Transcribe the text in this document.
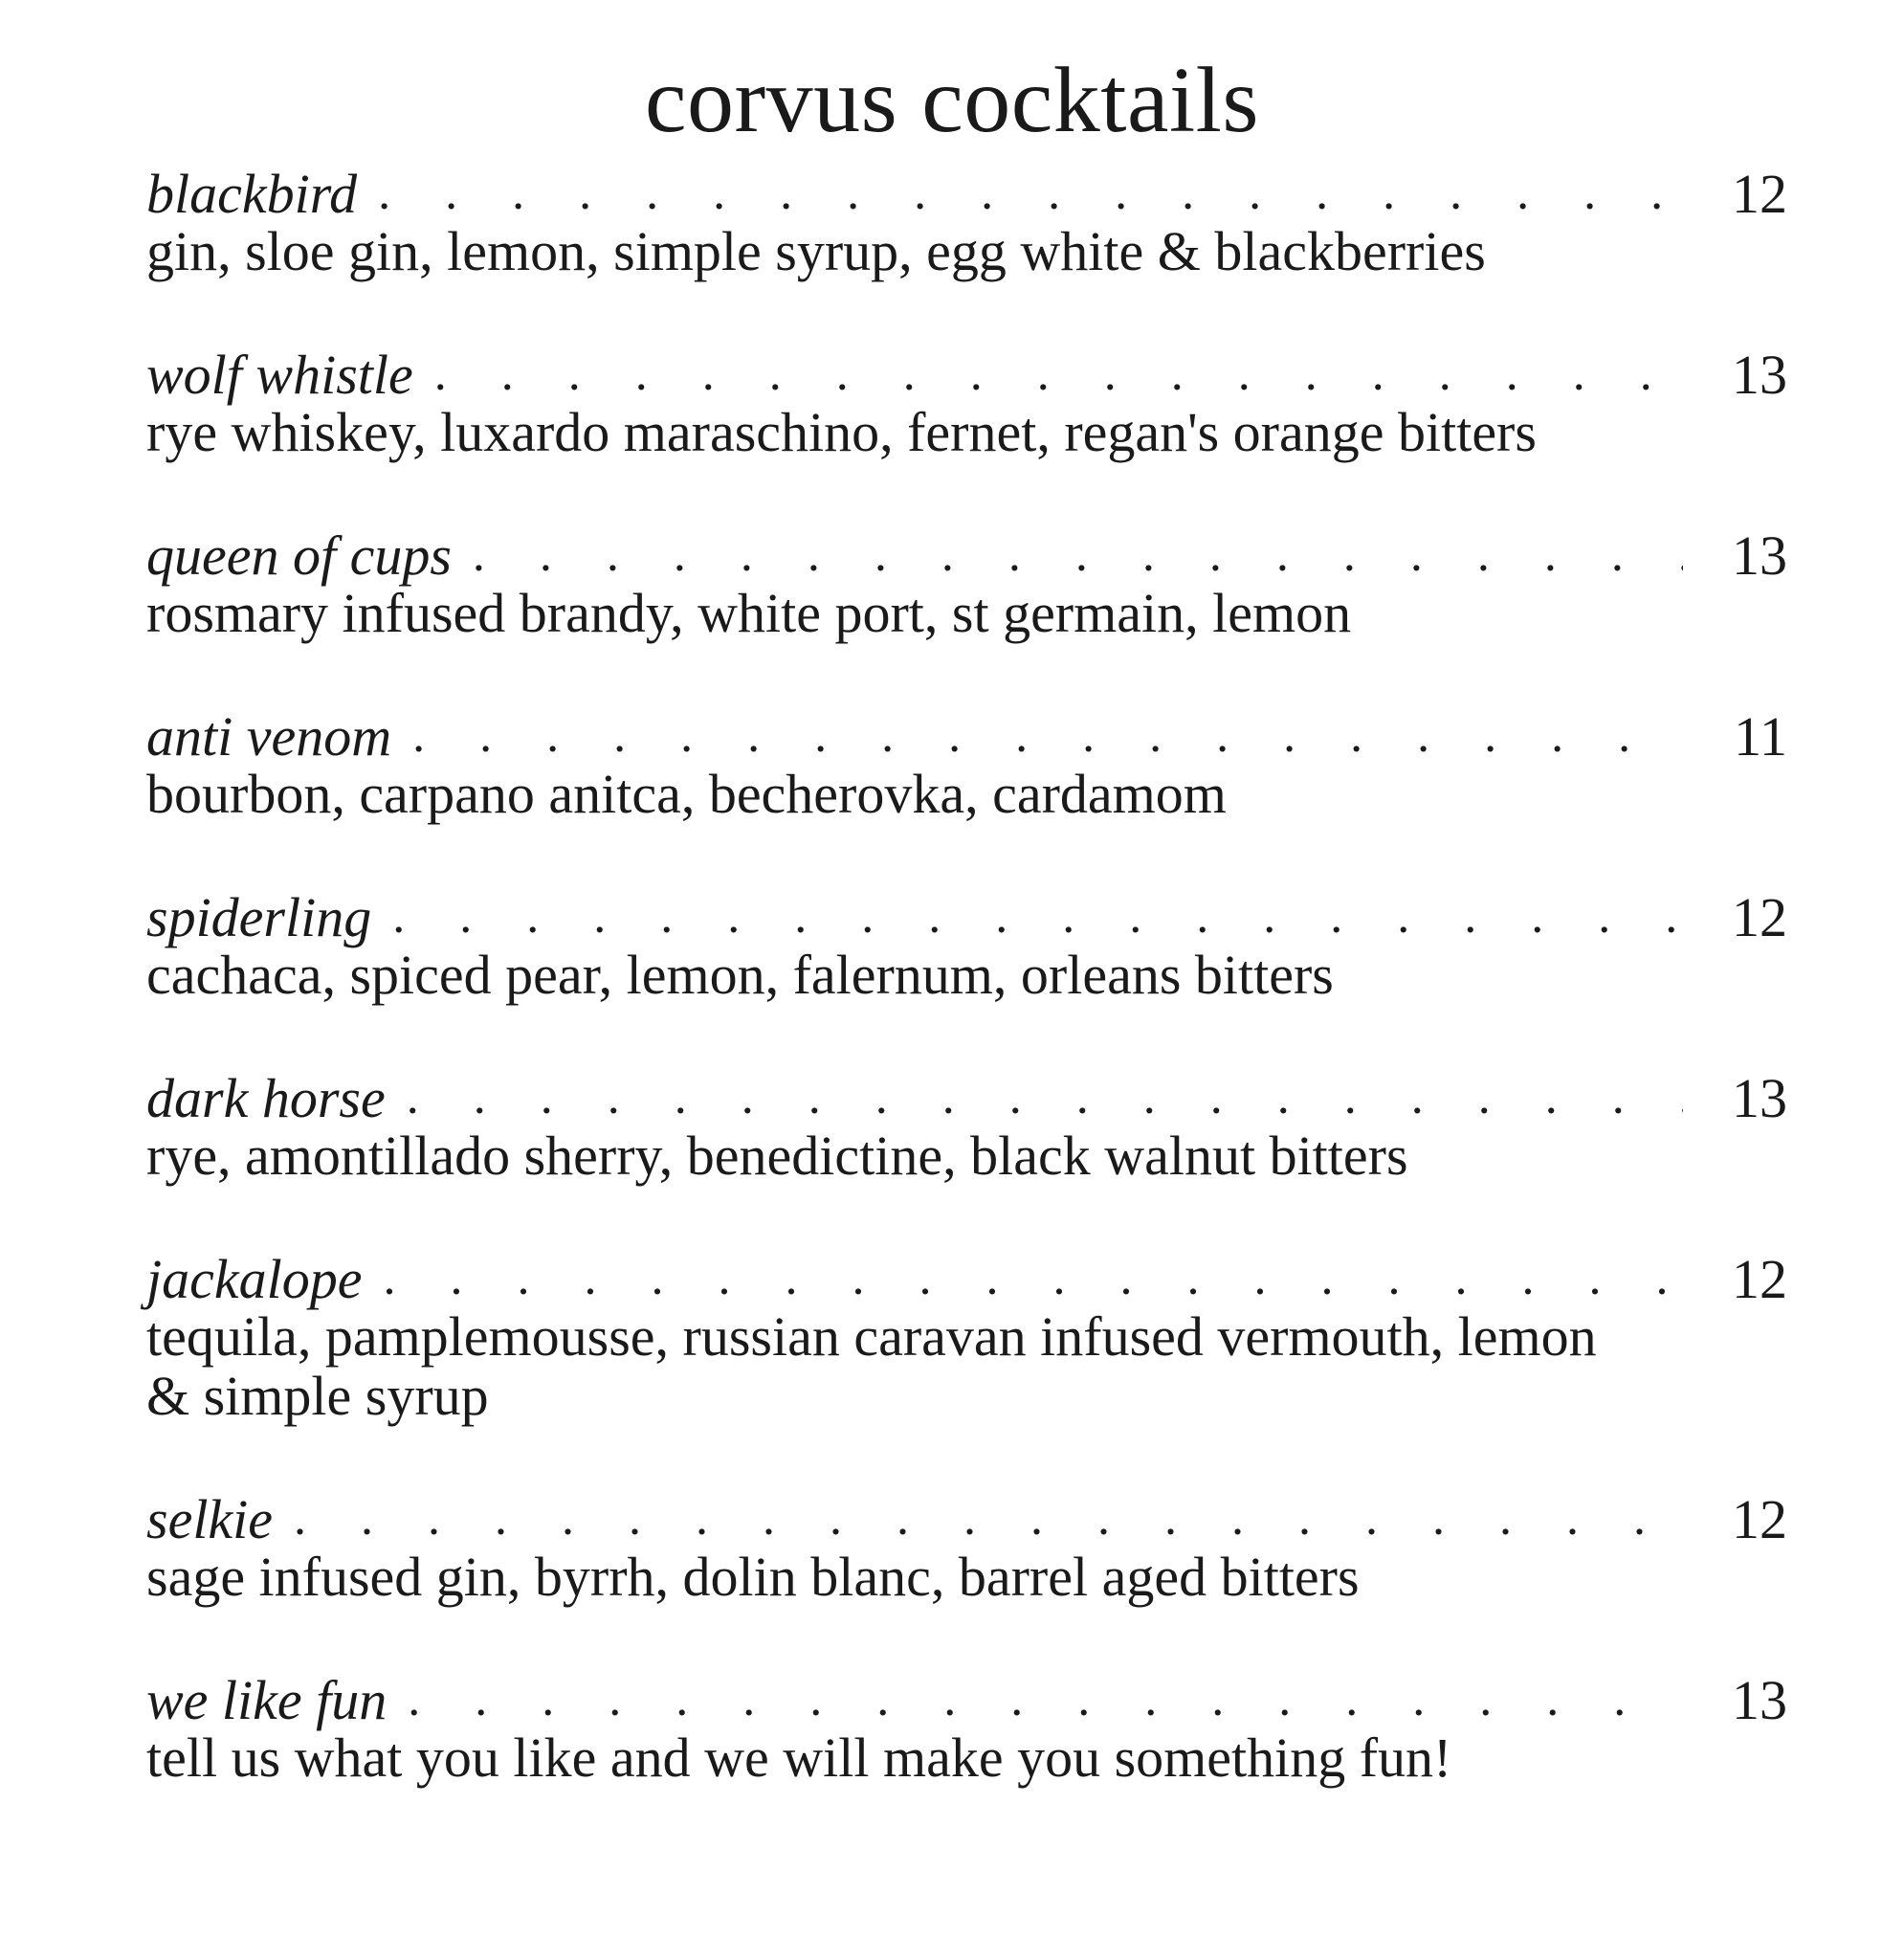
corvus cocktails
blackbird . . .	12
gin, sloe gin, lemon, simple syrup, egg white & blackberries
wolf whistle . . .	13
rye whiskey, luxardo maraschino, fernet, regan's orange bitters
queen of cups . . .	13
rosmary infused brandy, white port, st germain, lemon
anti venom . . .	11
bourbon, carpano anitca, becherovka, cardamom
spiderling . . .	12
cachaca, spiced pear, lemon, falernum, orleans bitters
dark horse . . .	13
rye, amontillado sherry, benedictine, black walnut bitters
jackalope . . .	12
tequila, pamplemousse, russian caravan infused vermouth, lemon & simple syrup
selkie . . .	12
sage infused gin, byrrh, dolin blanc, barrel aged bitters
we like fun . . .	13
tell us what you like and we will make you something fun!
